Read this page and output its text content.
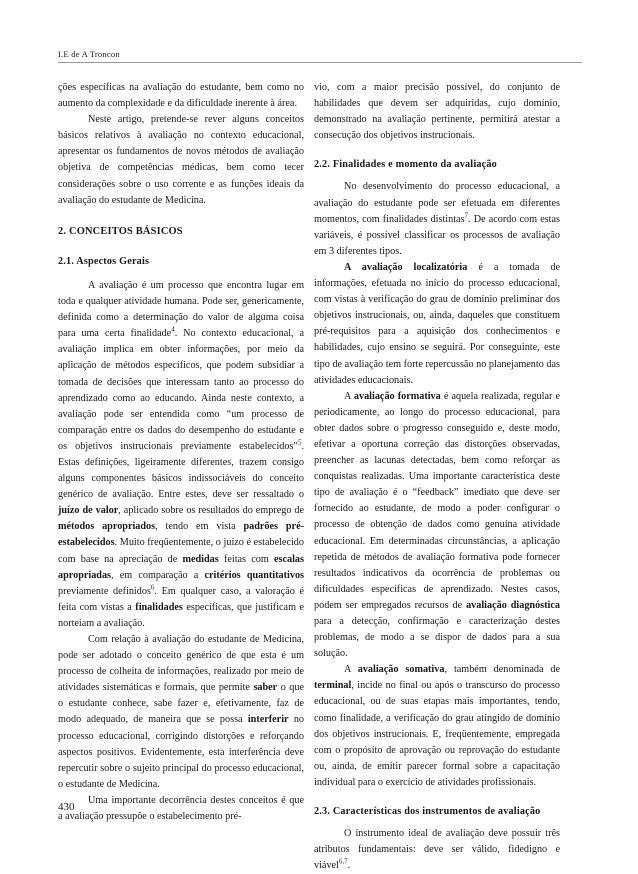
I.E de A Troncon

ções específicas na avaliação do estudante, bem como no aumento da complexidade e da dificuldade inerente à área.

Neste artigo, pretende-se rever alguns conceitos básicos relativos à avaliação no contexto educacional, apresentar os fundamentos de novos métodos de avaliação objetiva de competências médicas, bem como tecer considerações sobre o uso corrente e as funções ideais da avaliação do estudante de Medicina.

2. CONCEITOS BÁSICOS
2.1. Aspectos Gerais

A avaliação é um processo que encontra lugar em toda e qualquer atividade humana. Pode ser, genericamente, definida como a determinação do valor de alguma coisa para uma certa finalidade$^4$. No contexto educacional, a avaliação implica em obter informações, por meio da aplicação de métodos específicos, que podem subsidiar a tomada de decisões que interessam tanto ao processo do aprendizado como ao educando. Ainda neste contexto, a avaliação pode ser entendida como “um processo de comparação entre os dados do desempenho do estudante e os objetivos instrucionais previamente estabelecidos”$^5$. Estas definições, ligeiramente diferentes, trazem consigo alguns componentes básicos indissociáveis do conceito genérico de avaliação. Entre estes, deve ser ressaltado o juízo de valor, aplicado sobre os resultados do emprego de métodos apropriados, tendo em vista padrões pré-estabelecidos. Muito freqüentemente, o juízo é estabelecido com base na apreciação de medidas feitas com escalas apropriadas, em comparação a critérios quantitativos previamente definidos$^6$. Em qualquer caso, a valoração é feita com vistas a finalidades específicas, que justificam e norteiam a avaliação.

Com relação à avaliação do estudante de Medicina, pode ser adotado o conceito genérico de que esta é um processo de colheita de informações, realizado por meio de atividades sistemáticas e formais, que permite saber o que o estudante conhece, sabe fazer e, efetivamente, faz de modo adequado, de maneira que se possa interferir no processo educacional, corrigindo distorções e reforçando aspectos positivos. Evidentemente, esta interferência deve repercutir sobre o sujeito principal do processo educacional, o estudante de Medicina.

Uma importante decorrência destes conceitos é que a avaliação pressupõe o estabelecimento pré-

vio, com a maior precisão possível, do conjunto de habilidades que devem ser adquiridas, cujo domínio, demonstrado na avaliação pertinente, permitirá atestar a consecução dos objetivos instrucionais.

2.2. Finalidades e momento da avaliação

No desenvolvimento do processo educacional, a avaliação do estudante pode ser efetuada em diferentes momentos, com finalidades distintas$^7$. De acordo com estas variáveis, é possível classificar os processos de avaliação em 3 diferentes tipos.

A avaliação localizatória é a tomada de informações, efetuada no início do processo educacional, com vistas à verificação do grau de domínio preliminar dos objetivos instrucionais, ou, ainda, daqueles que constituem pré-requisitos para a aquisição dos conhecimentos e habilidades, cujo ensino se seguirá. Por conseguinte, este tipo de avaliação tem forte repercussão no planejamento das atividades educacionais.

A avaliação formativa é aquela realizada, regular e periodicamente, ao longo do processo educacional, para obter dados sobre o progresso conseguido e, deste modo, efetivar a oportuna correção das distorções observadas, preencher as lacunas detectadas, bem como reforçar as conquistas realizadas. Uma importante característica deste tipo de avaliação é o “feedback” imediato que deve ser fornecido ao estudante, de modo a poder configurar o processo de obtenção de dados como genuína atividade educacional. Em determinadas circunstâncias, a aplicação repetida de métodos de avaliação formativa pode fornecer resultados indicativos da ocorrência de problemas ou dificuldades específicas de aprendizado. Nestes casos, podem ser empregados recursos de avaliação diagnóstica para a detecção, confirmação e caracterização destes problemas, de modo a se dispor de dados para a sua solução.

A avaliação somativa, também denominada de terminal, incide no final ou após o transcurso do processo educacional, ou de suas etapas mais importantes, tendo, como finalidade, a verificação do grau atingido de domínio dos objetivos instrucionais. E, freqüentemente, empregada com o propósito de aprovação ou reprovação do estudante ou, ainda, de emitir parecer formal sobre a capacitação individual para o exercício de atividades profissionais.

2.3. Características dos instrumentos de avaliação

O instrumento ideal de avaliação deve possuir três atributos fundamentais: deve ser válido, fidedigno e viável$^{6,7}$.

430
